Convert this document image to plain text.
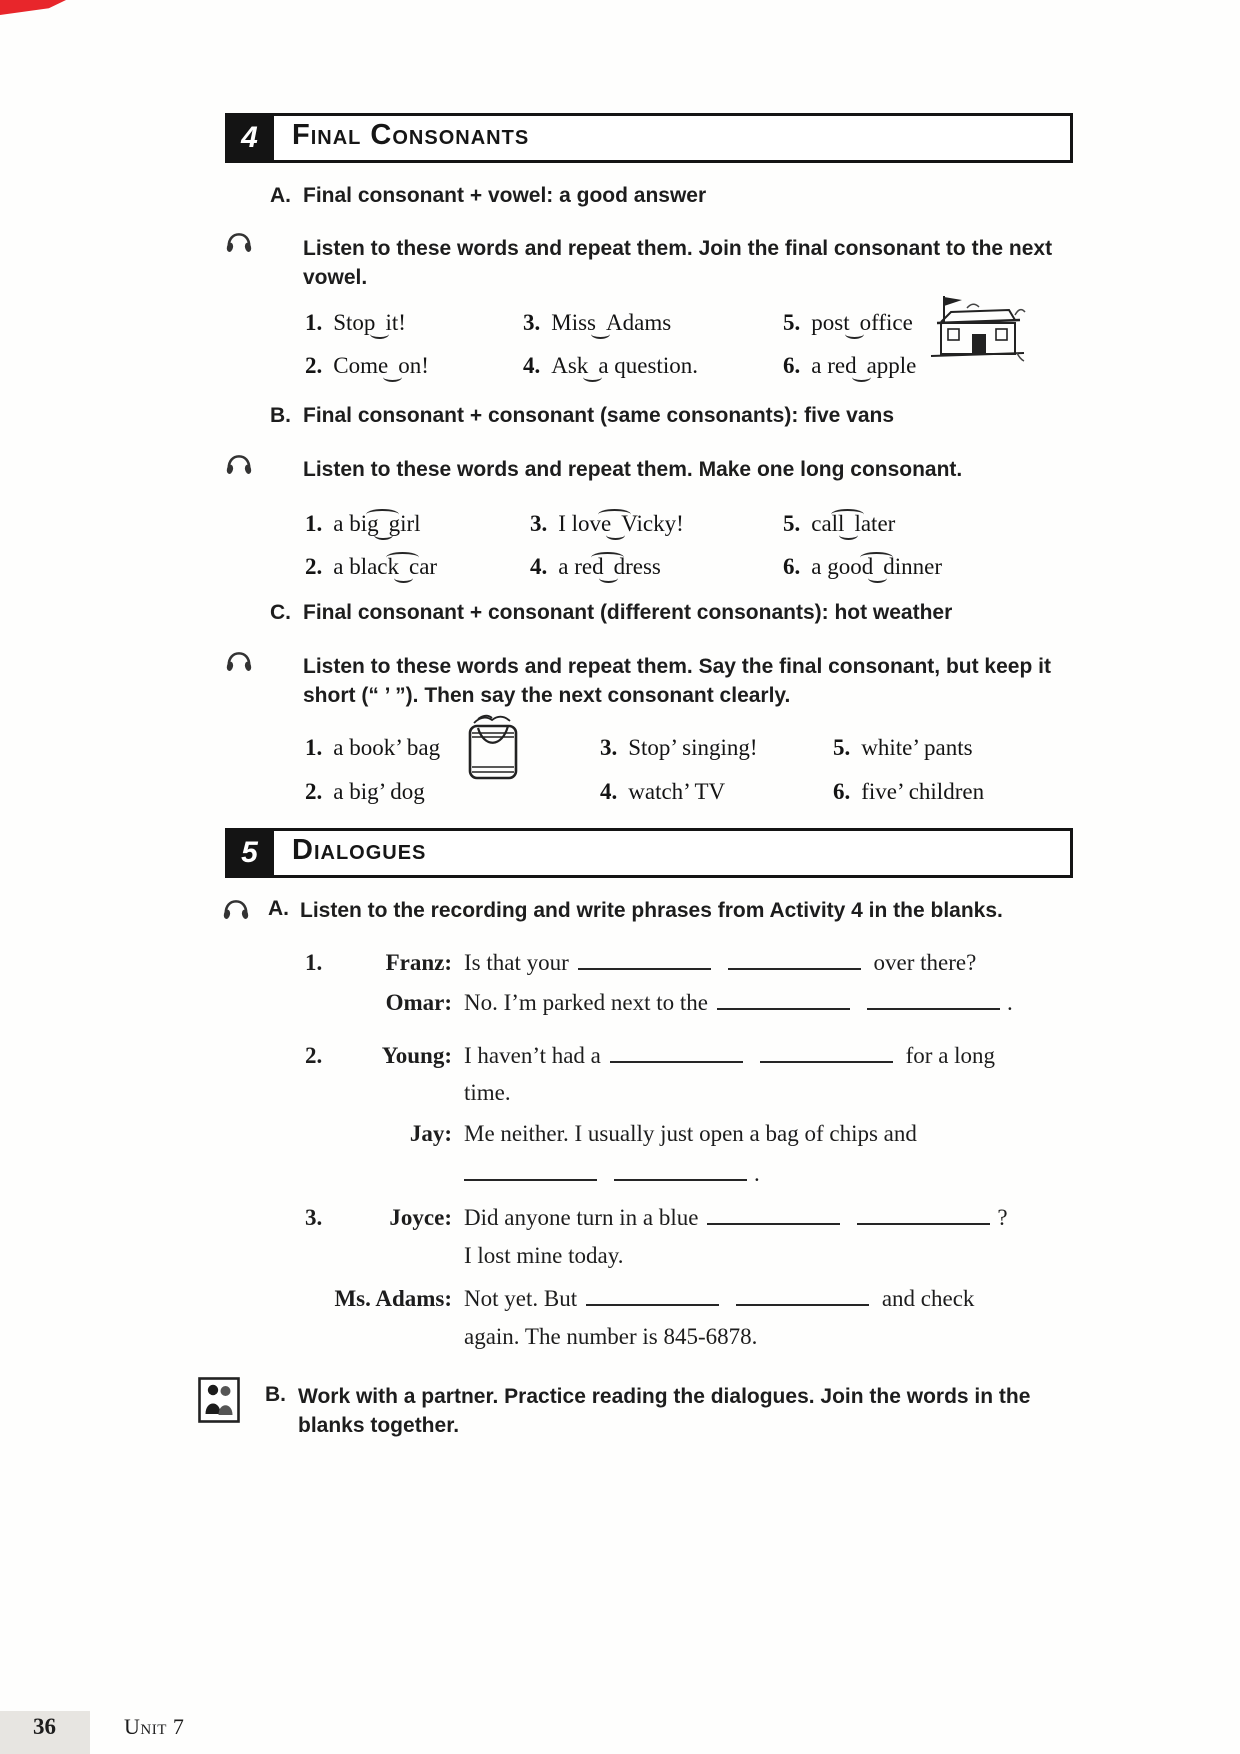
4	Final Consonants
A. Final consonant + vowel: a good answer
Listen to these words and repeat them. Join the final consonant to the next vowel.
1. Stop it!
2. Come on!
3. Miss Adams
4. Ask a question.
5. post office
6. a red apple
B. Final consonant + consonant (same consonants): five vans
Listen to these words and repeat them. Make one long consonant.
1. a big girl
2. a black car
3. I love Vicky!
4. a red dress
5. call later
6. a good dinner
C. Final consonant + consonant (different consonants): hot weather
Listen to these words and repeat them. Say the final consonant, but keep it short (“ ’ ”). Then say the next consonant clearly.
1. a book’ bag
2. a big’ dog
3. Stop’ singing!
4. watch’ TV
5. white’ pants
6. five’ children
5	Dialogues
A. Listen to the recording and write phrases from Activity 4 in the blanks.
1.	Franz: Is that your	over there?
Omar: No. I’m parked next to the	.
2.	Young: I haven’t had a	for a long
time.
Jay: Me neither. I usually just open a bag of chips and
.
3.	Joyce: Did anyone turn in a blue	?
I lost mine today.
Ms. Adams: Not yet. But	and check
again. The number is 845-6878.
B. Work with a partner. Practice reading the dialogues. Join the words in the blanks together.
36	Unit 7
